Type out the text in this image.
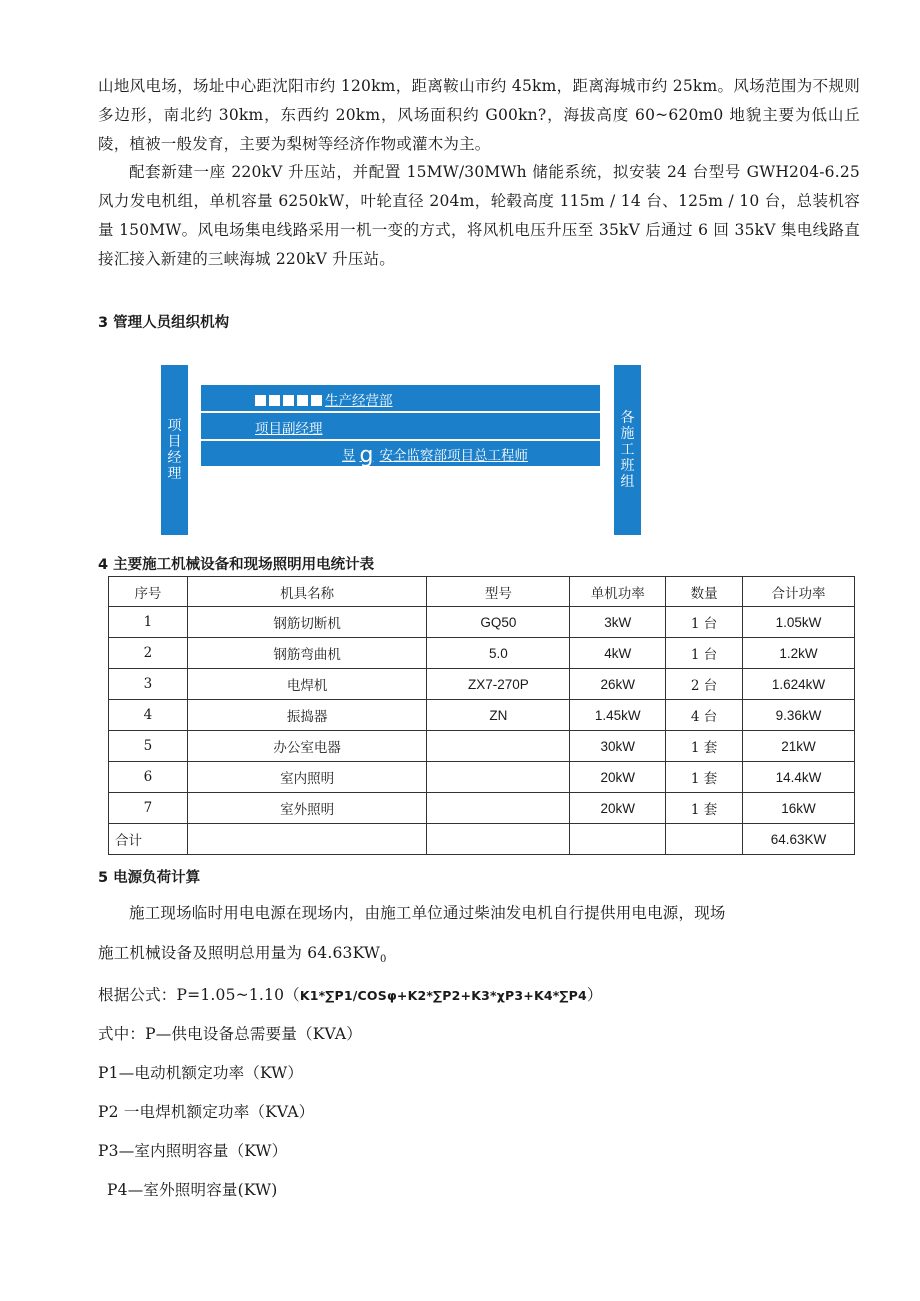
山地风电场，场址中心距沈阳市约 120km，距离鞍山市约 45km，距离海城市约 25km。风场范围为不规则多边形，南北约 30km，东西约 20km，风场面积约 G00kn?，海拔高度 60~620m0 地貌主要为低山丘陵，植被一般发育，主要为梨树等经济作物或灌木为主。

配套新建一座 220kV 升压站，并配置 15MW/30MWh 储能系统，拟安装 24 台型号 GWH204-6.25 风力发电机组，单机容量 6250kW，叶轮直径 204m，轮毂高度 115m / 14 台、125m / 10 台，总装机容量 150MW。风电场集电线路采用一机一变的方式，将风机电压升压至 35kV 后通过 6 回 35kV 集电线路直接汇接入新建的三峡海城 220kV 升压站。

3 管理人员组织机构
项
目
经
理
生产经营部
项目副经理
昱 g 安全监察部项目总工程师
各
施
工
班
组
4 主要施工机械设备和现场照明用电统计表
序号	机具名称	型号	单机功率	数量	合计功率
1	钢筋切断机	GQ50	3kW	1 台	1.05kW
2	钢筋弯曲机	5.0	4kW	1 台	1.2kW
3	电焊机	ZX7-270P	26kW	2 台	1.624kW
4	振捣器	ZN	1.45kW	4 台	9.36kW
5	办公室电器		30kW	1 套	21kW
6	室内照明		20kW	1 套	14.4kW
7	室外照明		20kW	1 套	16kW
合计					64.63KW
5 电源负荷计算

施工现场临时用电电源在现场内，由施工单位通过柴油发电机自行提供用电电源，现场

施工机械设备及照明总用量为 $64.63KW_0$

根据公式：P=1.05~1.10（K1*∑P1/COSφ+K2*∑P2+K3*χP3+K4*∑P4）

式中：P—供电设备总需要量（KVA）

P1—电动机额定功率（KW）

P2 一电焊机额定功率（KVA）

P3—室内照明容量（KW）

P4—室外照明容量(KW)
